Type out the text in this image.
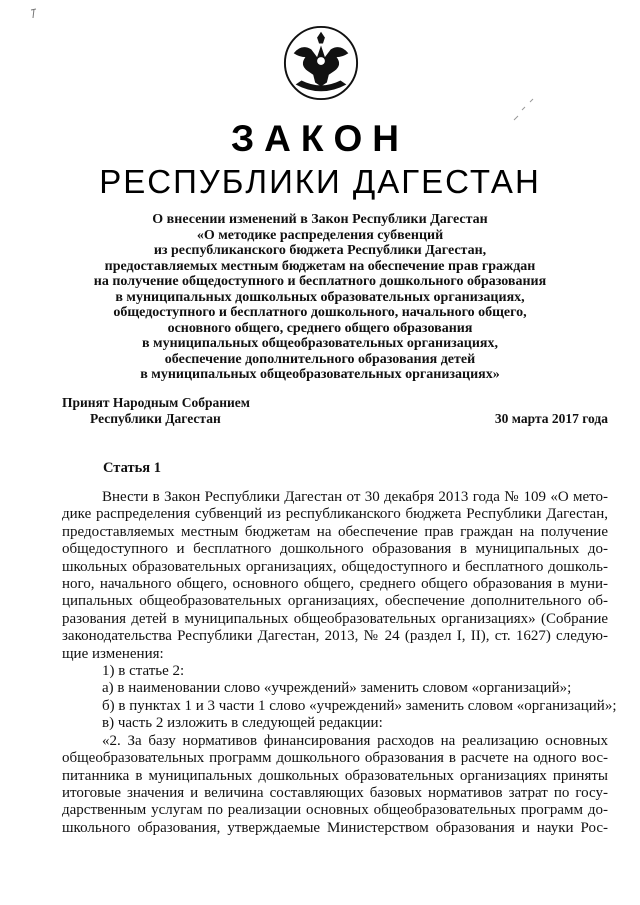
ЗАКОН
РЕСПУБЛИКИ ДАГЕСТАН
О внесении изменений в Закон Республики Дагестан
«О методике распределения субвенций
из республиканского бюджета Республики Дагестан,
предоставляемых местным бюджетам на обеспечение прав граждан
на получение общедоступного и бесплатного дошкольного образования
в муниципальных дошкольных образовательных организациях,
общедоступного и бесплатного дошкольного, начального общего,
основного общего, среднего общего образования
в муниципальных общеобразовательных организациях,
обеспечение дополнительного образования детей
в муниципальных общеобразовательных организациях»
Принят Народным Собранием
Республики Дагестан	30 марта 2017 года
Статья 1
Внести в Закон Республики Дагестан от 30 декабря 2013 года № 109 «О мето-
дике распределения субвенций из республиканского бюджета Республики Дагестан,
предоставляемых местным бюджетам на обеспечение прав граждан на получение
общедоступного и бесплатного дошкольного образования в муниципальных до-
школьных образовательных организациях, общедоступного и бесплатного дошколь-
ного, начального общего, основного общего, среднего общего образования в муни-
ципальных общеобразовательных организациях, обеспечение дополнительного об-
разования детей в муниципальных общеобразовательных организациях» (Собрание
законодательства Республики Дагестан, 2013, № 24 (раздел I, II), ст. 1627) следую-
щие изменения:
1) в статье 2:
а) в наименовании слово «учреждений» заменить словом «организаций»;
б) в пунктах 1 и 3 части 1 слово «учреждений» заменить словом «организаций»;
в) часть 2 изложить в следующей редакции:
«2. За базу нормативов финансирования расходов на реализацию основных
общеобразовательных программ дошкольного образования в расчете на одного вос-
питанника в муниципальных дошкольных образовательных организациях приняты
итоговые значения и величина составляющих базовых нормативов затрат по госу-
дарственным услугам по реализации основных общеобразовательных программ до-
школьного образования, утверждаемые Министерством образования и науки Рос-
